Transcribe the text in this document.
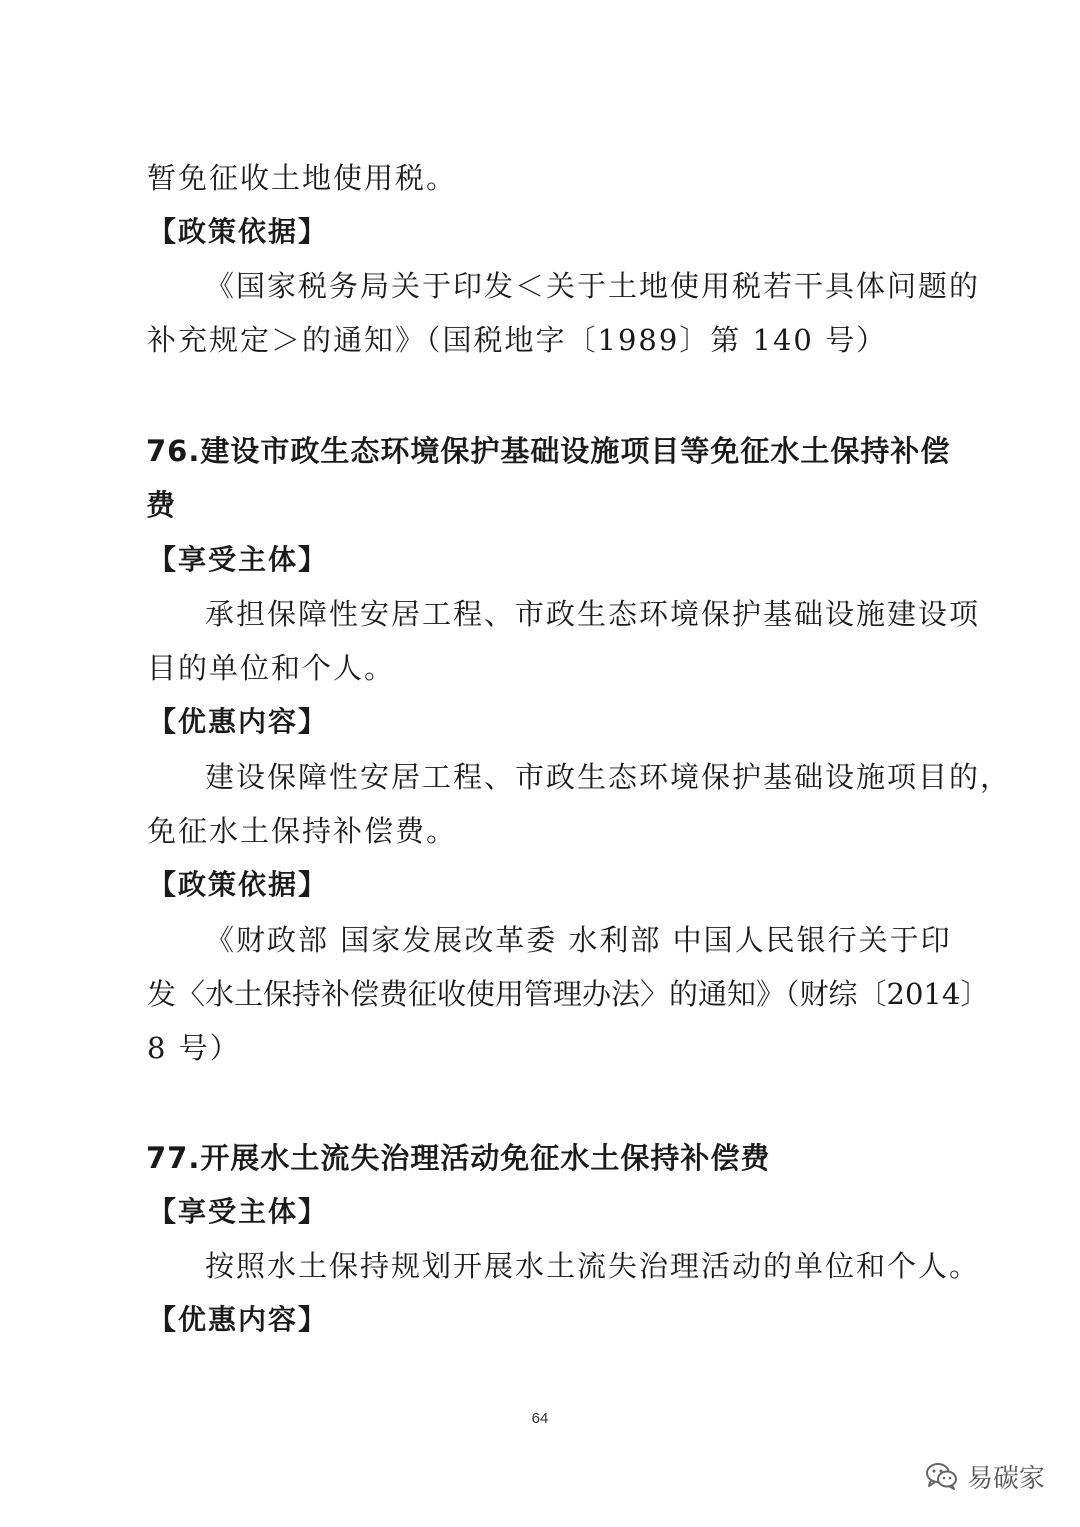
暂免征收土地使用税。
【政策依据】
《国家税务局关于印发＜关于土地使用税若干具体问题的
补充规定＞的通知》（国税地字〔1989〕第 140 号）
76.建设市政生态环境保护基础设施项目等免征水土保持补偿
费
【享受主体】
承担保障性安居工程、市政生态环境保护基础设施建设项
目的单位和个人。
【优惠内容】
建设保障性安居工程、市政生态环境保护基础设施项目的，
免征水土保持补偿费。
【政策依据】
《财政部 国家发展改革委 水利部 中国人民银行关于印
发〈水土保持补偿费征收使用管理办法〉的通知》（财综〔2014〕
8 号）
77.开展水土流失治理活动免征水土保持补偿费
【享受主体】
按照水土保持规划开展水土流失治理活动的单位和个人。
【优惠内容】
64
易碳家
